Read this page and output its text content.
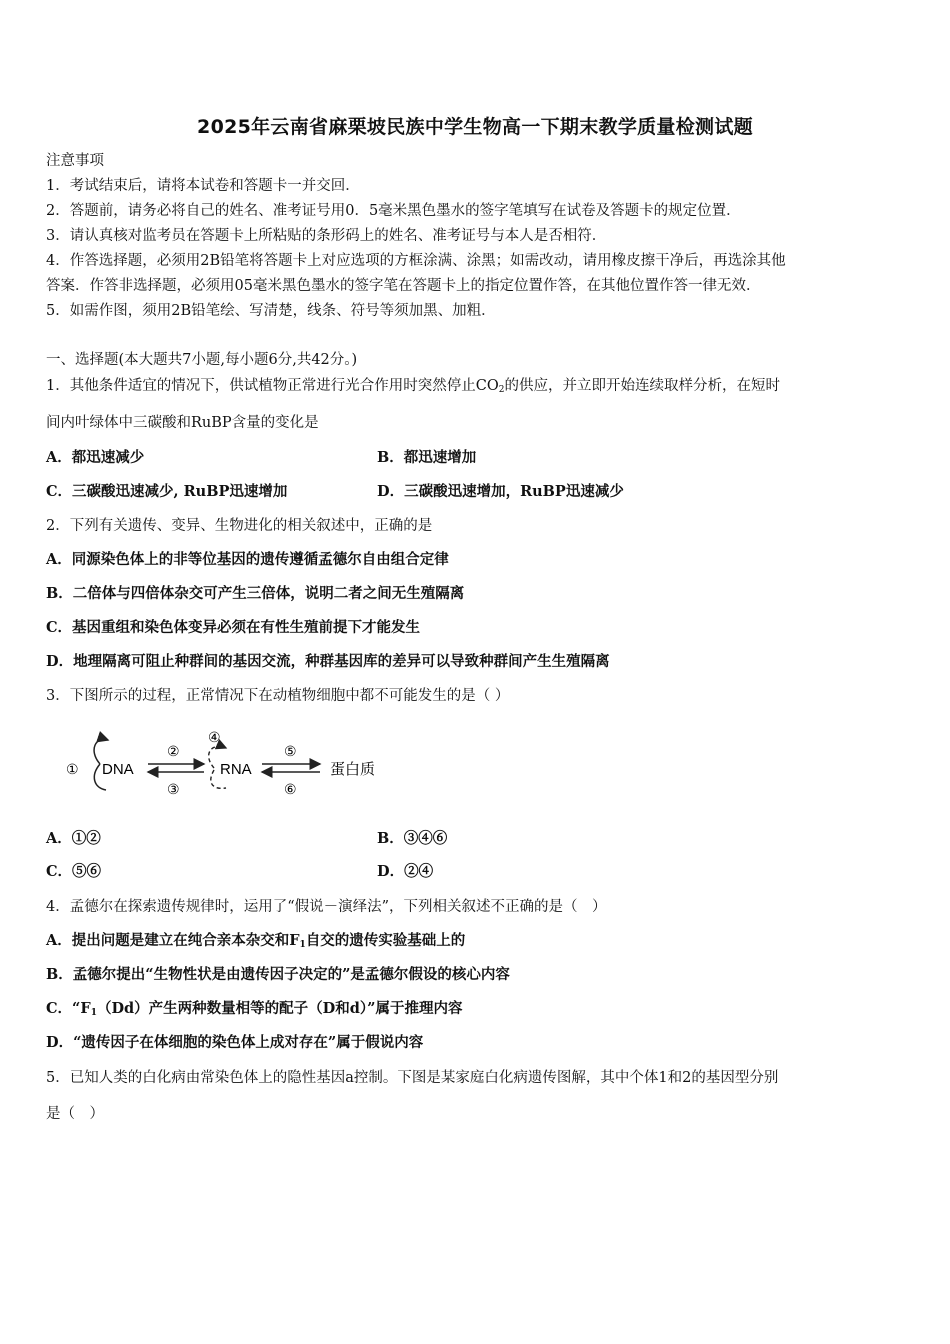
2025年云南省麻栗坡民族中学生物高一下期末教学质量检测试题
注意事项
1．考试结束后，请将本试卷和答题卡一并交回．
2．答题前，请务必将自己的姓名、准考证号用0．5毫米黑色墨水的签字笔填写在试卷及答题卡的规定位置．
3．请认真核对监考员在答题卡上所粘贴的条形码上的姓名、准考证号与本人是否相符．
4．作答选择题，必须用2B铅笔将答题卡上对应选项的方框涂满、涂黑；如需改动，请用橡皮擦干净后，再选涂其他
答案．作答非选择题，必须用05毫米黑色墨水的签字笔在答题卡上的指定位置作答，在其他位置作答一律无效．
5．如需作图，须用2B铅笔绘、写清楚，线条、符号等须加黑、加粗．
一、选择题(本大题共7小题,每小题6分,共42分。)
1．其他条件适宜的情况下，供试植物正常进行光合作用时突然停止$CO_2$的供应，并立即开始连续取样分析，在短时
间内叶绿体中三碳酸和RuBP含量的变化是
A．都迅速减少	B．都迅速增加
C．三碳酸迅速减少, RuBP迅速增加	D．三碳酸迅速增加，RuBP迅速减少
2．下列有关遗传、变异、生物进化的相关叙述中，正确的是
A．同源染色体上的非等位基因的遗传遵循孟德尔自由组合定律
B．二倍体与四倍体杂交可产生三倍体，说明二者之间无生殖隔离
C．基因重组和染色体变异必须在有性生殖前提下才能发生
D．地理隔离可阻止种群间的基因交流，种群基因库的差异可以导致种群间产生生殖隔离
3．下图所示的过程，正常情况下在动植物细胞中都不可能发生的是（ ）
① DNA
②
③
④
RNA
⑤
⑥
蛋白质
A．①②	B．③④⑥
C．⑤⑥	D．②④
4．孟德尔在探索遗传规律时，运用了“假说－演绎法”，下列相关叙述不正确的是（　）
A．提出问题是建立在纯合亲本杂交和$F_1$自交的遗传实验基础上的
B．孟德尔提出“生物性状是由遗传因子决定的”是孟德尔假设的核心内容
C．“$F_1(Dd)$产生两种数量相等的配子（D和d）”属于推理内容
D．“遗传因子在体细胞的染色体上成对存在”属于假说内容
5．已知人类的白化病由常染色体上的隐性基因a控制。下图是某家庭白化病遗传图解，其中个体1和2的基因型分别
是（　）
